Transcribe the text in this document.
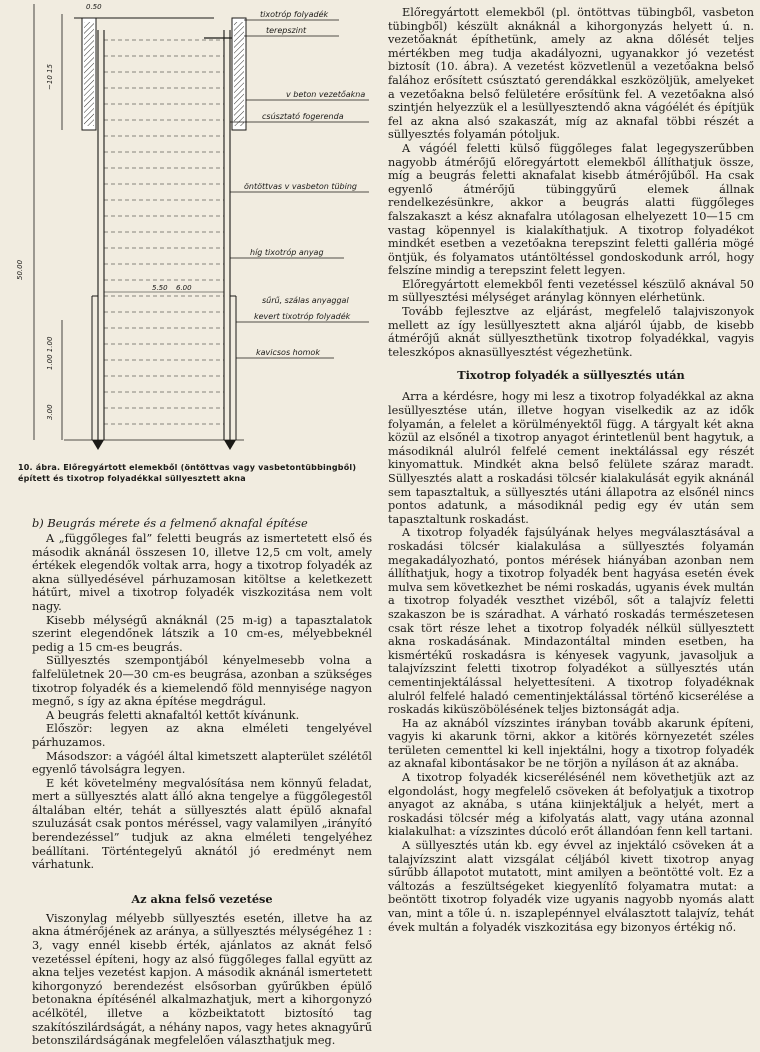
50.00
~10 15
1.00 1.00
3.00
0.50
5.50 6.00
tixotróp folyadék
terepszint
v beton vezetőakna
csúsztató fogerenda
öntöttvas v vasbeton tübing
híg tixotróp anyag
sűrű, szálas anyaggal
kevert tixotróp folyadék
kavicsos homok
10. ábra. Előregyártott elemekből (öntöttvas vagy vasbetontübbingből) épített és tixotrop folyadékkal süllyesztett akna
b) Beugrás mérete és a felmenő aknafal építése

A „függőleges fal” feletti beugrás az ismertetett első és második aknánál összesen 10, illetve 12,5 cm volt, amely értékek elegendők voltak arra, hogy a tixotrop folyadék az akna süllyedésével párhuzamosan kitöltse a keletkezett hátűrt, mivel a tixotrop folyadék viszkozitása nem volt nagy.

Kisebb mélységű aknáknál (25 m-ig) a tapasztalatok szerint elegendőnek látszik a 10 cm-es, mélyebbeknél pedig a 15 cm-es beugrás.

Süllyesztés szempontjából kényelmesebb volna a falfelületnek 20—30 cm-es beugrása, azonban a szükséges tixotrop folyadék és a kiemelendő föld mennyisége nagyon megnő, s így az akna építése megdrágul.

A beugrás feletti aknafaltól kettőt kívánunk.

Először: legyen az akna elméleti tengelyével párhuzamos.

Másodszor: a vágóél által kimetszett alapterület szélétől egyenlő távolságra legyen.

E két követelmény megvalósítása nem könnyű feladat, mert a süllyesztés alatt álló akna tengelye a függőlegestől általában eltér, tehát a süllyesztés alatt épülő aknafal szuluzását csak pontos méréssel, vagy valamilyen „irányító berendezéssel” tudjuk az akna elméleti tengelyéhez beállítani. Történtegelyű aknától jó eredményt nem várhatunk.

Az akna felső vezetése

Viszonylag mélyebb süllyesztés esetén, illetve ha az akna átmérőjének az aránya, a süllyesztés mélységéhez 1 : 3, vagy ennél kisebb érték, ajánlatos az aknát felső vezetéssel építeni, hogy az alsó függőleges fallal együtt az akna teljes vezetést kapjon. A második aknánál ismertetett kihorgonyzó berendezést elsősorban gyűrűkben épülő betonakna építésénél alkalmazhatjuk, mert a kihorgonyzó acélkötél, illetve a közbeiktatott biztosító tag szakítószilárdságát, a néhány napos, vagy hetes aknagyűrű betonszilárdságának megfelelően választhatjuk meg.

Előregyártott elemekből (pl. öntöttvas tübingből, vasbeton tübingből) készült aknáknál a kihorgonyzás helyett ú. n. vezetőaknát építhetünk, amely az akna dőlését teljes mértékben meg tudja akadályozni, ugyanakkor jó vezetést biztosít (10. ábra). A vezetést közvetlenül a vezetőakna belső falához erősített csúsztató gerendákkal eszközöljük, amelyeket a vezetőakna belső felületére erősítünk fel. A vezetőakna alsó szintjén helyezzük el a lesüllyesztendő akna vágóélét és építjük fel az akna alsó szakaszát, míg az aknafal többi részét a süllyesztés folyamán pótoljuk.

A vágóél feletti külső függőleges falat legegyszerűbben nagyobb átmérőjű előregyártott elemekből állíthatjuk össze, míg a beugrás feletti aknafalat kisebb átmérőjűből. Ha csak egyenlő átmérőjű tübinggyűrű elemek állnak rendelkezésünkre, akkor a beugrás alatti függőleges falszakaszt a kész aknafalra utólagosan elhelyezett 10—15 cm vastag köpennyel is kialakíthatjuk. A tixotrop folyadékot mindkét esetben a vezetőakna terepszint feletti galléria mögé öntjük, és folyamatos utántöltéssel gondoskodunk arról, hogy felszíne mindig a terepszint felett legyen.

Előregyártott elemekből fenti vezetéssel készülő aknával 50 m süllyesztési mélységet aránylag könnyen elérhetünk.

Tovább fejlesztve az eljárást, megfelelő talajviszonyok mellett az így lesüllyesztett akna aljáról újabb, de kisebb átmérőjű aknát süllyeszthetünk tixotrop folyadékkal, vagyis teleszkópos aknasüllyesztést végezhetünk.

Tixotrop folyadék a süllyesztés után

Arra a kérdésre, hogy mi lesz a tixotrop folyadékkal az akna lesüllyesztése után, illetve hogyan viselkedik az az idők folyamán, a felelet a körülményektől függ. A tárgyalt két akna közül az elsőnél a tixotrop anyagot érintetlenül bent hagytuk, a másodiknál alulról felfelé cement inektálással egy részét kinyomattuk. Mindkét akna belső felülete száraz maradt. Süllyesztés alatt a roskadási tölcsér kialakulását egyik aknánál sem tapasztaltuk, a süllyesztés utáni állapotra az elsőnél nincs pontos adatunk, a másodiknál pedig egy év után sem tapasztaltunk roskadást.

A tixotrop folyadék fajsúlyának helyes megválasztásával a roskadási tölcsér kialakulása a süllyesztés folyamán megakadályozható, pontos mérések hiányában azonban nem állíthatjuk, hogy a tixotrop folyadék bent hagyása esetén évek mulva sem következhet be némi roskadás, ugyanis évek multán a tixotrop folyadék veszthet vizéből, sőt a talajvíz feletti szakaszon be is száradhat. A várható roskadás természetesen csak tört része lehet a tixotrop folyadék nélkül süllyesztett akna roskadásának. Mindazontáltal minden esetben, ha kismértékű roskadásra is kényesek vagyunk, javasoljuk a talajvízszint feletti tixotrop folyadékot a süllyesztés után cementinjektálással helyettesíteni. A tixotrop folyadéknak alulról felfelé haladó cementinjektálással történő kicserélése a roskadás kiküszöbölésének teljes biztonságát adja.

Ha az aknából vízszintes irányban tovább akarunk építeni, vagyis ki akarunk törni, akkor a kitörés környezetét széles területen cementtel ki kell injektálni, hogy a tixotrop folyadék az aknafal kibontásakor be ne törjön a nyíláson át az aknába.

A tixotrop folyadék kicserélésénél nem követhetjük azt az elgondolást, hogy megfelelő csöveken át befolyatjuk a tixotrop anyagot az aknába, s utána kiinjektáljuk a helyét, mert a roskadási tölcsér még a kifolyatás alatt, vagy utána azonnal kialakulhat: a vízszintes dúcoló erőt állandóan fenn kell tartani.

A süllyesztés után kb. egy évvel az injektáló csöveken át a talajvízszint alatt vizsgálat céljából kivett tixotrop anyag sűrűbb állapotot mutatott, mint amilyen a beöntötté volt. Ez a változás a feszültségeket kiegyenlítő folyamatra mutat: a beöntött tixotrop folyadék vize ugyanis nagyobb nyomás alatt van, mint a tőle ú. n. iszaplepénnyel elválasztott talajvíz, tehát évek multán a folyadék viszkozitása egy bizonyos értékig nő.
